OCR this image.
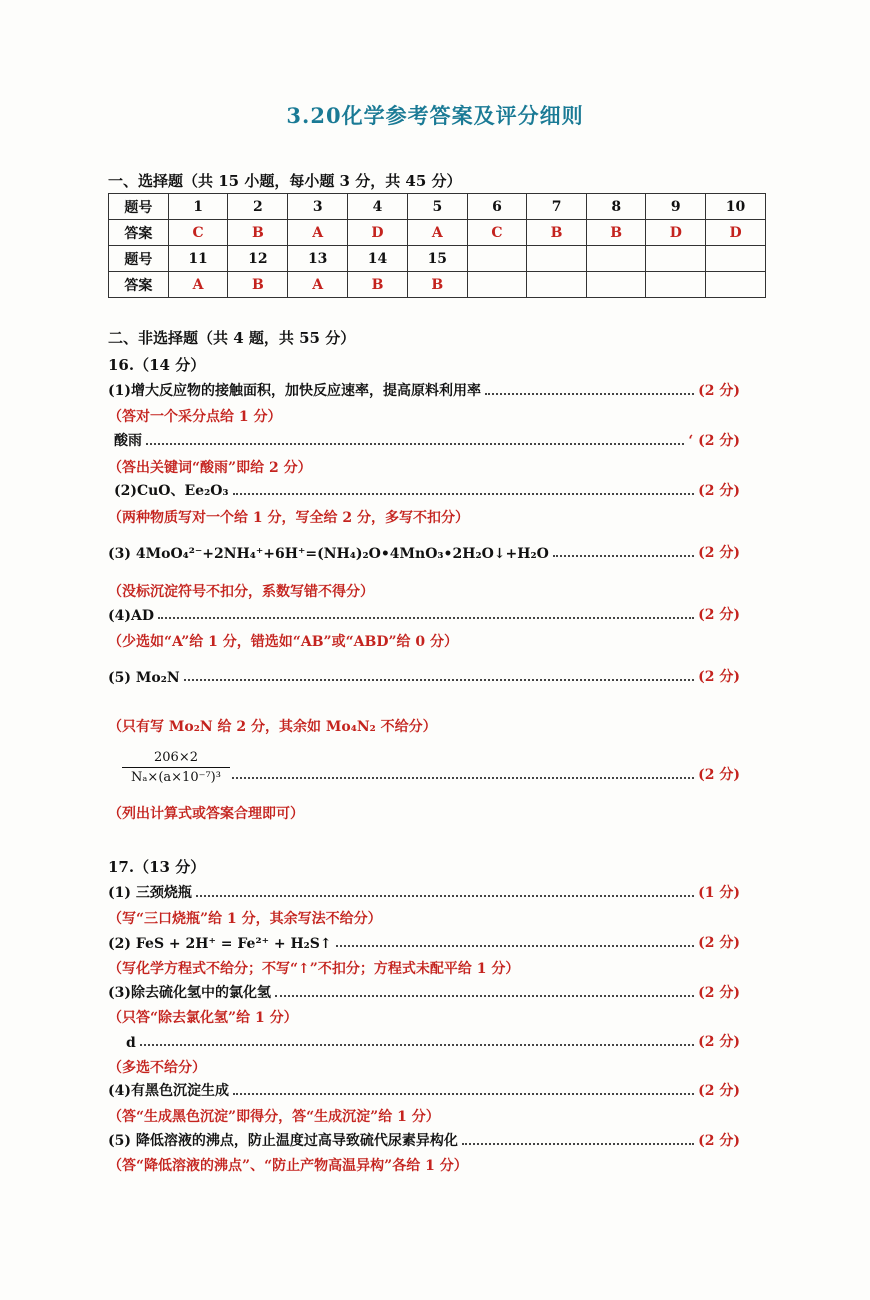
3.20化学参考答案及评分细则
一、选择题（共 15 小题，每小题 3 分，共 45 分）
题号	1	2	3	4	5	6	7	8	9	10
答案	C	B	A	D	A	C	B	B	D	D
题号	11	12	13	14	15					
答案	A	B	A	B	B					
二、非选择题（共 4 题，共 55 分）
16.（14 分）
(1)增大反应物的接触面积，加快反应速率，提高原料利用率	(2 分)
（答对一个采分点给 1 分）
酸雨	‘ (2 分)
（答出关键词“酸雨”即给 2 分）
(2)CuO、Ee₂O₃	(2 分)
（两种物质写对一个给 1 分，写全给 2 分，多写不扣分）
(3) 4MoO₄²⁻+2NH₄⁺+6H⁺=(NH₄)₂O•4MnO₃•2H₂O↓+H₂O	(2 分)
（没标沉淀符号不扣分，系数写错不得分）
(4)AD	(2 分)
（少选如“A”给 1 分，错选如“AB”或“ABD”给 0 分）
(5) Mo₂N	(2 分)
（只有写 Mo₂N 给 2 分，其余如 Mo₄N₂ 不给分）
206×2
Nₐ×(a×10⁻⁷)³	(2 分)
（列出计算式或答案合理即可）
17.（13 分）
(1) 三颈烧瓶	(1 分)
（写“三口烧瓶”给 1 分，其余写法不给分）
(2) FeS + 2H⁺ = Fe²⁺ + H₂S↑	(2 分)
（写化学方程式不给分；不写“↑”不扣分；方程式未配平给 1 分）
(3)除去硫化氢中的氯化氢	(2 分)
（只答“除去氯化氢”给 1 分）
d	(2 分)
（多选不给分）
(4)有黑色沉淀生成	(2 分)
（答“生成黑色沉淀”即得分，答“生成沉淀”给 1 分）
(5) 降低溶液的沸点，防止温度过高导致硫代尿素异构化	(2 分)
（答“降低溶液的沸点”、“防止产物高温异构”各给 1 分）
